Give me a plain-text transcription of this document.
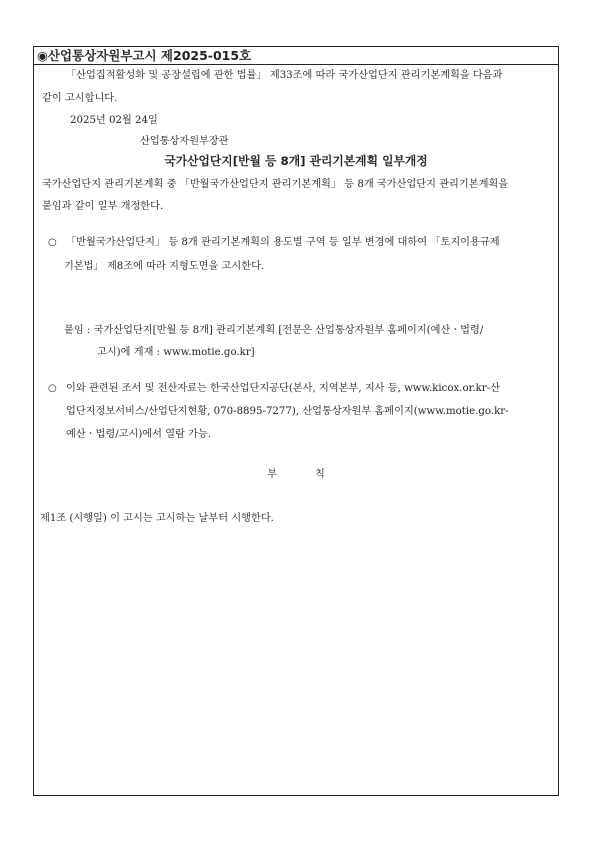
◉산업통상자원부고시 제2025-015호
「산업집적활성화 및 공장설립에 관한 법률」 제33조에 따라 국가산업단지 관리기본계획을 다음과
같이 고시합니다.
2025년 02월 24일
산업통상자원부장관
국가산업단지[반월 등 8개] 관리기본계획 일부개정
국가산업단지 관리기본계획 중 「반월국가산업단지 관리기본계획」 등 8개 국가산업단지 관리기본계획을
붙임과 같이 일부 개정한다.
○ 「반월국가산업단지」 등 8개 관리기본계획의 용도별 구역 등 일부 변경에 대하여 「토지이용규제
기본법」 제8조에 따라 지형도면을 고시한다.
붙임 : 국가산업단지[반월 등 8개] 관리기본계획 [전문은 산업통상자원부 홈페이지(예산ㆍ법령/
고시)에 게재 : www.motie.go.kr]
○ 이와 관련된 조서 및 전산자료는 한국산업단지공단(본사, 지역본부, 지사 등, www.kicox.or.kr-산
업단지정보서비스/산업단지현황, 070-8895-7277), 산업통상자원부 홈페이지(www.motie.go.kr-
예산ㆍ법령/고시)에서 열람 가능.
부칙
제1조 (시행일) 이 고시는 고시하는 날부터 시행한다.
